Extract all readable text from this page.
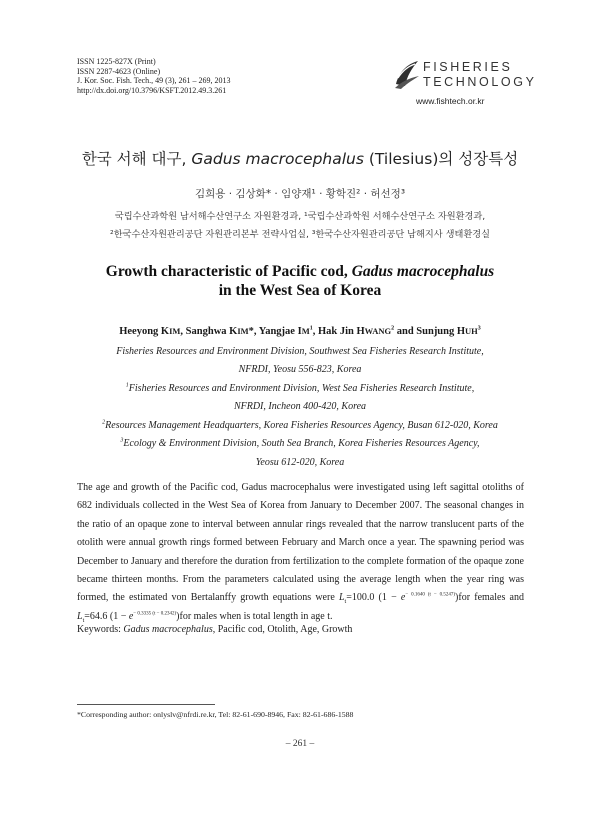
ISSN 1225-827X (Print)
ISSN 2287-4623 (Online)
J. Kor. Soc. Fish. Tech., 49 (3), 261 – 269, 2013
http://dx.doi.org/10.3796/KSFT.2012.49.3.261
FISHERIES
TECHNOLOGY
www.fishtech.or.kr
한국 서해 대구, Gadus macrocephalus (Tilesius)의 성장특성
김희용 · 김상화* · 임양재¹ · 황학진² · 허선정³
국립수산과학원 남서해수산연구소 자원환경과, ¹국립수산과학원 서해수산연구소 자원환경과,
²한국수산자원관리공단 자원관리본부 전략사업실, ³한국수산자원관리공단 남해지사 생태환경실
Growth characteristic of Pacific cod, Gadus macrocephalus
in the West Sea of Korea
Heeyong KIM, Sanghwa KIM*, Yangjae $IM^1$, Hak Jin HWANG$^2$ and Sunjung HUH$^3$
Fisheries Resources and Environment Division, Southwest Sea Fisheries Research Institute,
NFRDI, Yeosu 556-823, Korea
$^1$Fisheries Resources and Environment Division, West Sea Fisheries Research Institute,
NFRDI, Incheon 400-420, Korea
$^2$Resources Management Headquarters, Korea Fisheries Resources Agency, Busan 612-020, Korea
$^3$Ecology & Environment Division, South Sea Branch, Korea Fisheries Resources Agency,
Yeosu 612-020, Korea
The age and growth of the Pacific cod, Gadus macrocephalus were investigated using left sagittal otoliths of 682 individuals collected in the West Sea of Korea from January to December 2007. The seasonal changes in the ratio of an opaque zone to interval between annular rings revealed that the narrow translucent parts of the otolith were annual growth rings formed between February and March once a year. The spawning period was December to January and therefore the duration from fertilization to the complete formation of the opaque zone became thirteen months. From the parameters calculated using the average length when the year ring was formed, the estimated von Bertalanffy growth equations were $L_t=100.0$ $(1 - e^{- 0.1640 (t - 0.5247)})for$ females and $L_t=64.6$ $(1 - e^{- 0.3335 (t - 0.2342)})for$ males when is total length in age t.
Keywords: Gadus macrocephalus, Pacific cod, Otolith, Age, Growth
*Corresponding author: onlyslv@nfrdi.re.kr, Tel: 82-61-690-8946, Fax: 82-61-686-1588
– 261 –
